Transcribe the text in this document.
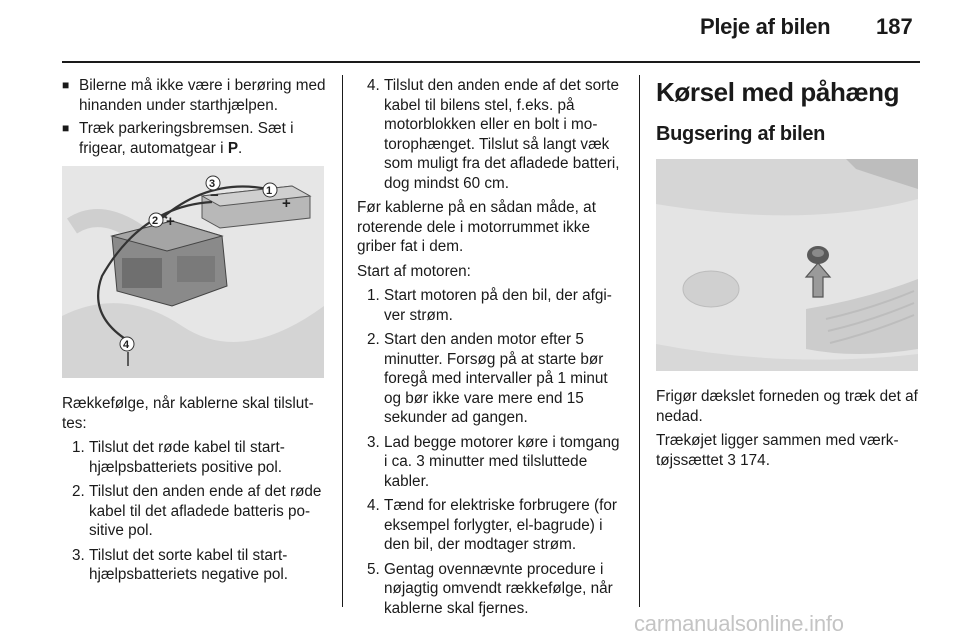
Pleje af bilen 187
■ Bilerne må ikke være i berøring med hinanden under starthjælpen.
■ Træk parkeringsbremsen. Sæt i frigear, automatgear i P.
1
+
2 +
3
−
4
Rækkefølge, når kablerne skal tilsluttes:
1. Tilslut det røde kabel til starthjælpsbatteriets positive pol.
2. Tilslut den anden ende af det røde kabel til det afladede batteris positive pol.
3. Tilslut det sorte kabel til starthjælpsbatteriets negative pol.
4. Tilslut den anden ende af det sorte kabel til bilens stel, f.eks. på motorblokken eller en bolt i motorophænget. Tilslut så langt væk som muligt fra det afladede batteri, dog mindst 60 cm.
Før kablerne på en sådan måde, at roterende dele i motorrummet ikke griber fat i dem.
Start af motoren:
1. Start motoren på den bil, der afgiver strøm.
2. Start den anden motor efter 5 minutter. Forsøg på at starte bør foregå med intervaller på 1 minut og bør ikke vare mere end 15 sekunder ad gangen.
3. Lad begge motorer køre i tomgang i ca. 3 minutter med tilsluttede kabler.
4. Tænd for elektriske forbrugere (for eksempel forlygter, el-bagrude) i den bil, der modtager strøm.
5. Gentag ovennævnte procedure i nøjagtig omvendt rækkefølge, når kablerne skal fjernes.
Kørsel med påhæng
Bugsering af bilen
Frigør dækslet forneden og træk det af nedad.
Trækøjet ligger sammen med værktøjssættet 3 174.
carmanualsonline.info
